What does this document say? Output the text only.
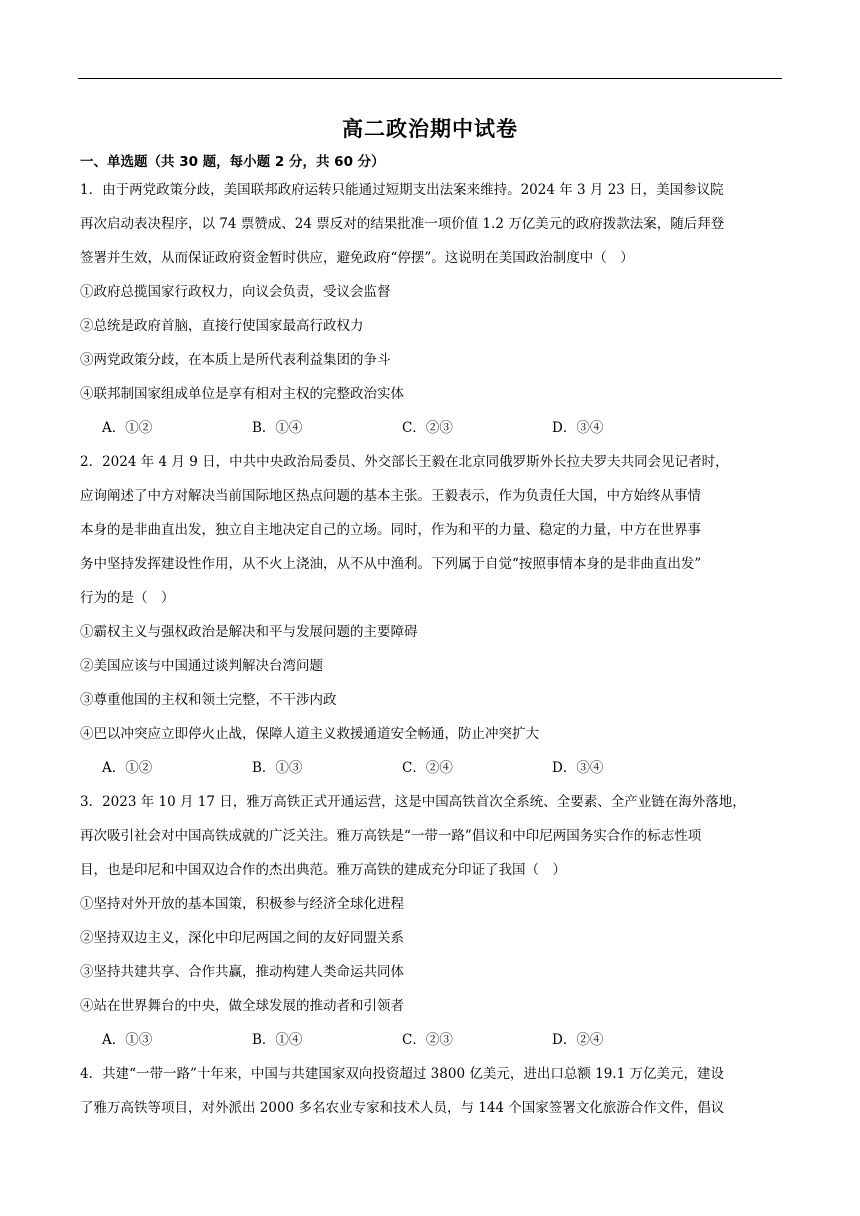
高二政治期中试卷
一、单选题（共 30 题，每小题 2 分，共 60 分）
1．由于两党政策分歧，美国联邦政府运转只能通过短期支出法案来维持。2024 年 3 月 23 日，美国参议院
再次启动表决程序，以 74 票赞成、24 票反对的结果批准一项价值 1.2 万亿美元的政府拨款法案，随后拜登
签署并生效，从而保证政府资金暂时供应，避免政府“停摆”。这说明在美国政治制度中（　）
①政府总揽国家行政权力，向议会负责，受议会监督
②总统是政府首脑，直接行使国家最高行政权力
③两党政策分歧，在本质上是所代表利益集团的争斗
④联邦制国家组成单位是享有相对主权的完整政治实体
A．①②	B．①④	C．②③	D．③④
2．2024 年 4 月 9 日，中共中央政治局委员、外交部长王毅在北京同俄罗斯外长拉夫罗夫共同会见记者时，
应询阐述了中方对解决当前国际地区热点问题的基本主张。王毅表示，作为负责任大国，中方始终从事情
本身的是非曲直出发，独立自主地决定自己的立场。同时，作为和平的力量、稳定的力量，中方在世界事
务中坚持发挥建设性作用，从不火上浇油，从不从中渔利。下列属于自觉“按照事情本身的是非曲直出发”
行为的是（　）
①霸权主义与强权政治是解决和平与发展问题的主要障碍
②美国应该与中国通过谈判解决台湾问题
③尊重他国的主权和领土完整，不干涉内政
④巴以冲突应立即停火止战，保障人道主义救援通道安全畅通，防止冲突扩大
A．①②	B．①③	C．②④	D．③④
3．2023 年 10 月 17 日，雅万高铁正式开通运营，这是中国高铁首次全系统、全要素、全产业链在海外落地，
再次吸引社会对中国高铁成就的广泛关注。雅万高铁是“一带一路”倡议和中印尼两国务实合作的标志性项
目，也是印尼和中国双边合作的杰出典范。雅万高铁的建成充分印证了我国（　）
①坚持对外开放的基本国策，积极参与经济全球化进程
②坚持双边主义，深化中印尼两国之间的友好同盟关系
③坚持共建共享、合作共赢，推动构建人类命运共同体
④站在世界舞台的中央，做全球发展的推动者和引领者
A．①③	B．①④	C．②③	D．②④
4．共建“一带一路”十年来，中国与共建国家双向投资超过 3800 亿美元，进出口总额 19.1 万亿美元，建设
了雅万高铁等项目，对外派出 2000 多名农业专家和技术人员，与 144 个国家签署文化旅游合作文件，倡议
